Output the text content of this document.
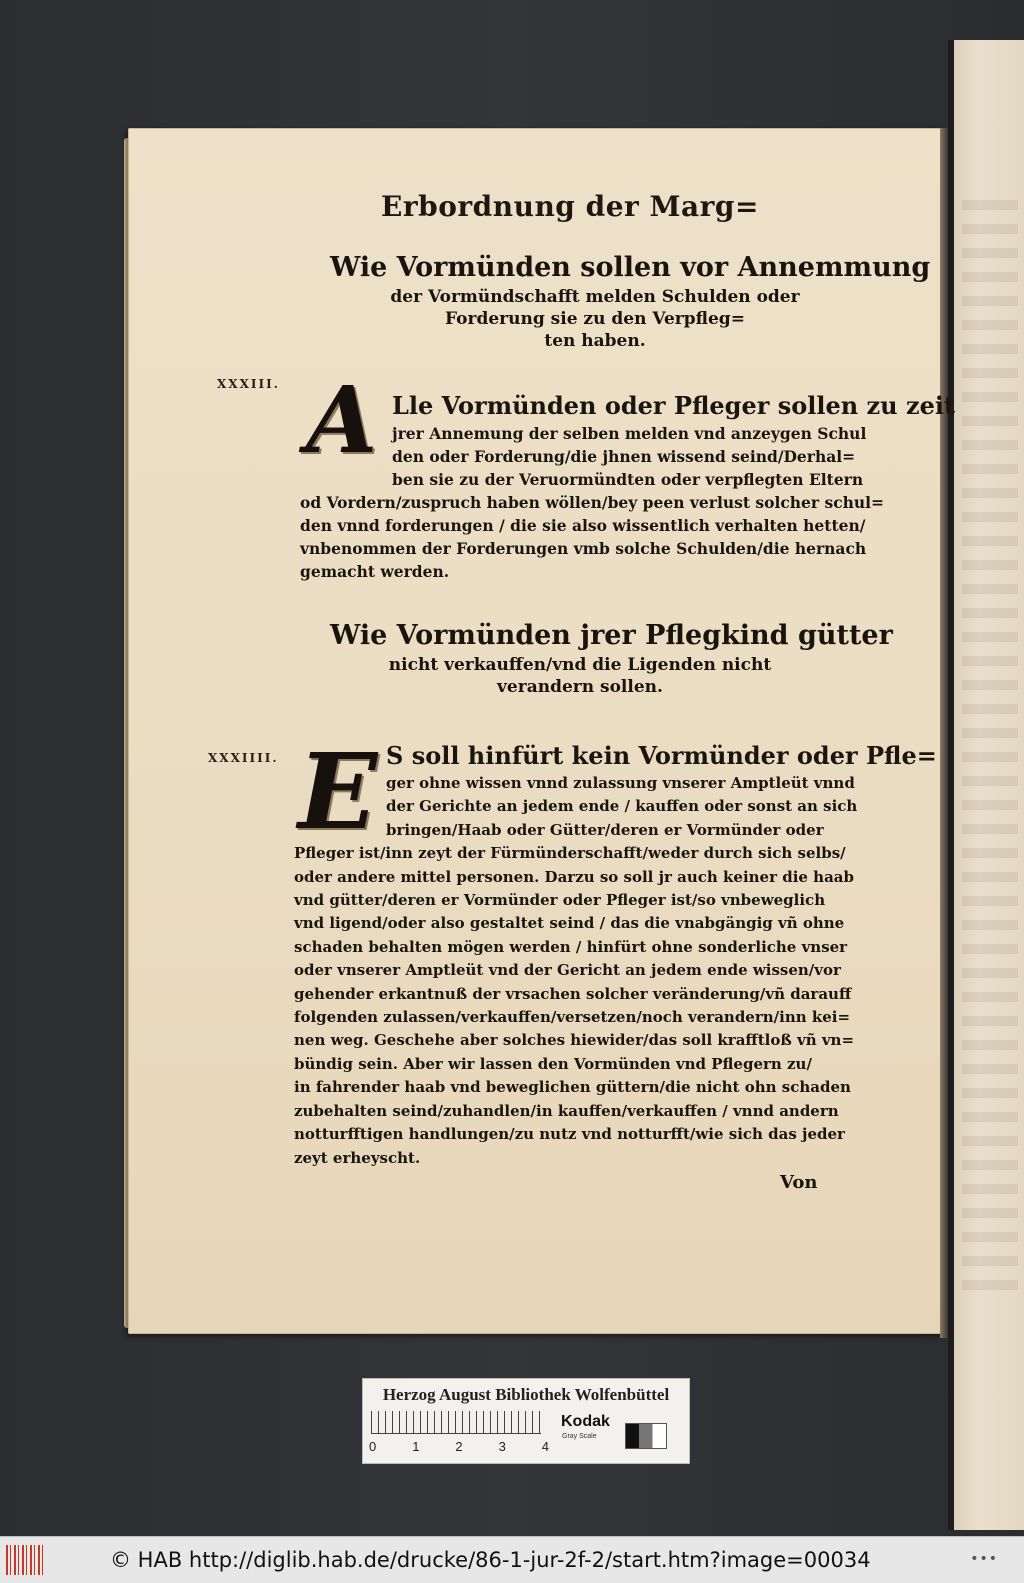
Erbordnung der Marg=
Wie Vormünden sollen vor Annemmung
der Vormündschafft melden Schulden oder
Forderung sie zu den Verpfleg=
ten haben.
XXXIII. A Lle Vormünden oder Pfleger sollen zu zeit
jrer Annemung der selben melden vnd anzeygen Schul
den oder Forderung/die jhnen wissend seind/Derhal=
ben sie zu der Veruormündten oder verpflegten Eltern
od Vordern/zuspruch haben wöllen/bey peen verlust solcher schul=
den vnnd forderungen / die sie also wissentlich verhalten hetten/
vnbenommen der Forderungen vmb solche Schulden/die hernach
gemacht werden.
Wie Vormünden jrer Pflegkind gütter
nicht verkauffen/vnd die Ligenden nicht
verandern sollen.
XXXIIII. E S soll hinfürt kein Vormünder oder Pfle=
ger ohne wissen vnnd zulassung vnserer Amptleüt vnnd
der Gerichte an jedem ende / kauffen oder sonst an sich
bringen/Haab oder Gütter/deren er Vormünder oder
Pfleger ist/inn zeyt der Fürmünderschafft/weder durch sich selbs/
oder andere mittel personen. Darzu so soll jr auch keiner die haab
vnd gütter/deren er Vormünder oder Pfleger ist/so vnbeweglich
vnd ligend/oder also gestaltet seind / das die vnabgängig vñ ohne
schaden behalten mögen werden / hinfürt ohne sonderliche vnser
oder vnserer Amptleüt vnd der Gericht an jedem ende wissen/vor
gehender erkantnuß der vrsachen solcher veränderung/vñ darauff
folgenden zulassen/verkauffen/versetzen/noch verandern/inn kei=
nen weg. Geschehe aber solches hiewider/das soll krafftloß vñ vn=
bündig sein. Aber wir lassen den Vormünden vnd Pflegern zu/
in fahrender haab vnd beweglichen güttern/die nicht ohn schaden
zubehalten seind/zuhandlen/in kauffen/verkauffen / vnnd andern
notturfftigen handlungen/zu nutz vnd notturfft/wie sich das jeder
zeyt erheyscht.
Von
Herzog August Bibliothek Wolfenbüttel
0	1	2	3	4
Kodak
Gray Scale
© HAB http://diglib.hab.de/drucke/86-1-jur-2f-2/start.htm?image=00034	•••
